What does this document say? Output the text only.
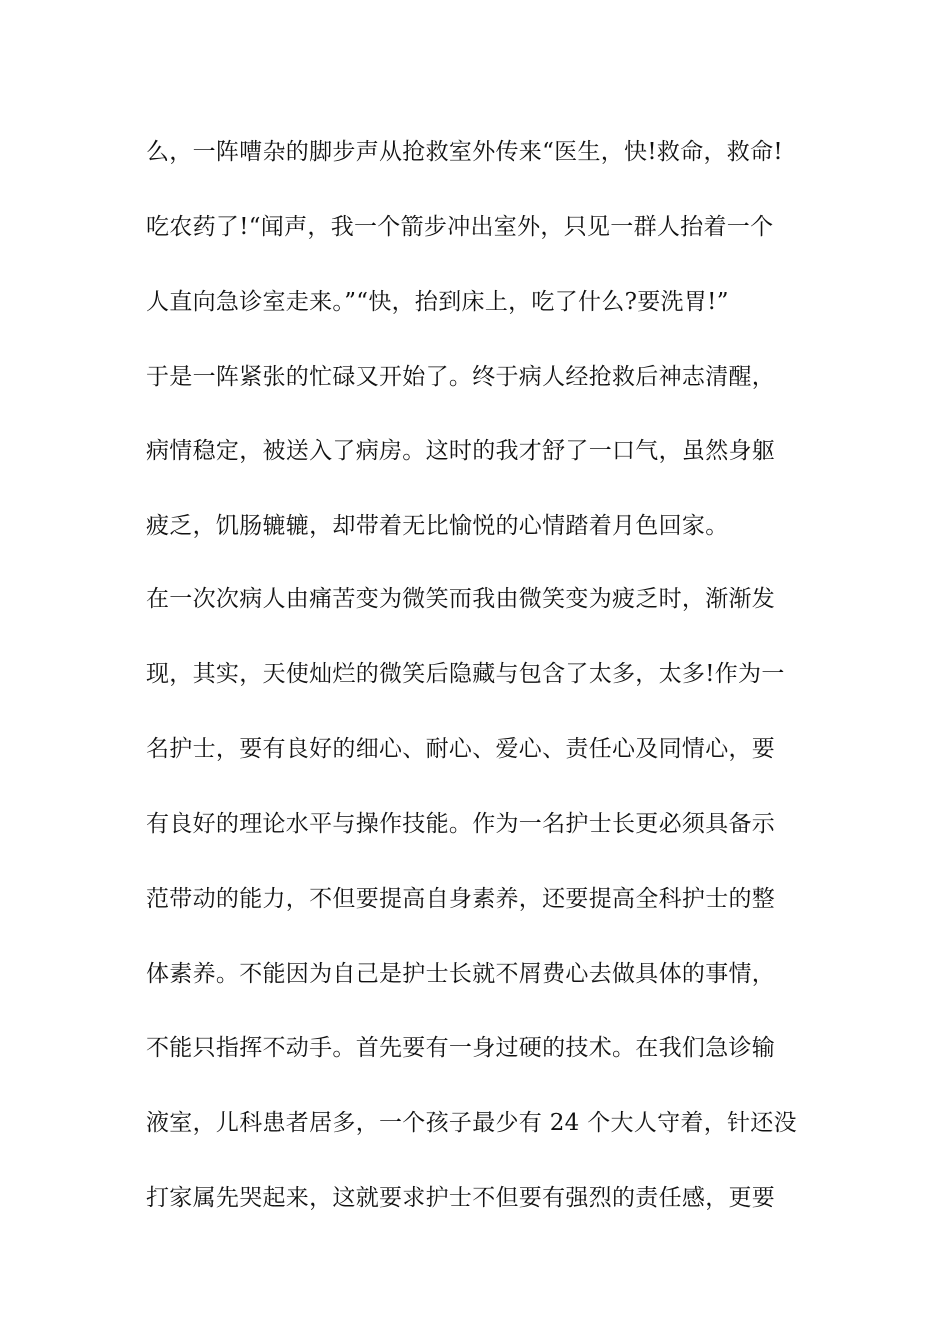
么，一阵嘈杂的脚步声从抢救室外传来“医生，快!救命，救命!
吃农药了!“闻声，我一个箭步冲出室外，只见一群人抬着一个
人直向急诊室走来。”“快，抬到床上，吃了什么?要洗胃!”
于是一阵紧张的忙碌又开始了。终于病人经抢救后神志清醒，
病情稳定，被送入了病房。这时的我才舒了一口气，虽然身躯
疲乏，饥肠辘辘，却带着无比愉悦的心情踏着月色回家。
在一次次病人由痛苦变为微笑而我由微笑变为疲乏时，渐渐发
现，其实，天使灿烂的微笑后隐藏与包含了太多，太多!作为一
名护士，要有良好的细心、耐心、爱心、责任心及同情心，要
有良好的理论水平与操作技能。作为一名护士长更必须具备示
范带动的能力，不但要提高自身素养，还要提高全科护士的整
体素养。不能因为自己是护士长就不屑费心去做具体的事情，
不能只指挥不动手。首先要有一身过硬的技术。在我们急诊输
液室，儿科患者居多，一个孩子最少有 24 个大人守着，针还没
打家属先哭起来，这就要求护士不但要有强烈的责任感，更要
